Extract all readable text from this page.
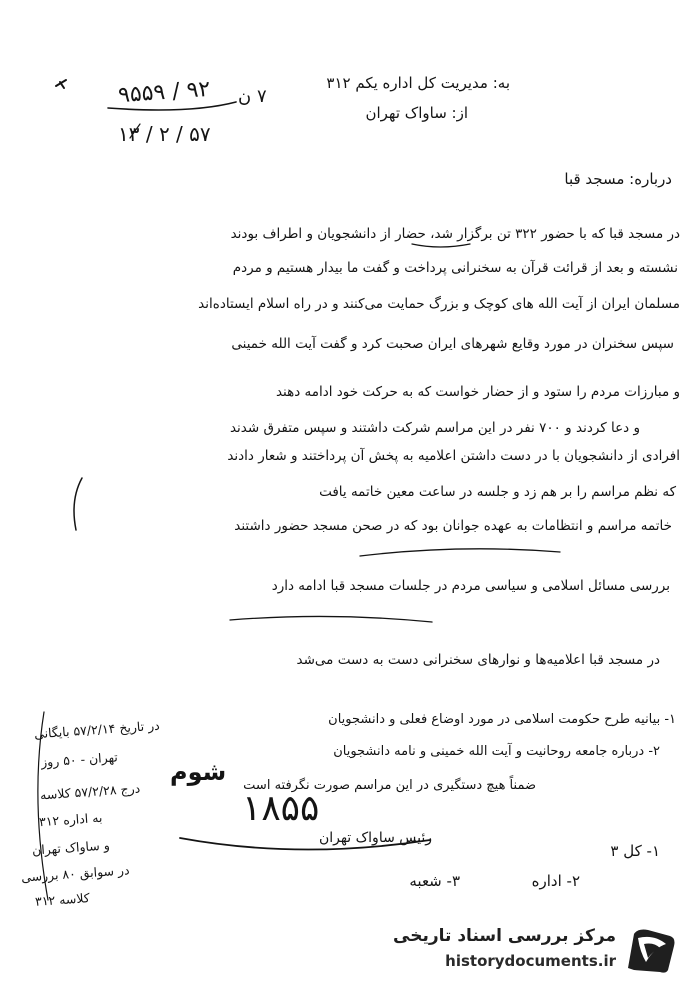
۹۵۵۹ / ۹۲ ۷ ن
۱۳ / ۲ / ۵۷
به: مدیریت کل اداره یکم ۳۱۲
از: ساواک تهران
درباره: مسجد قبا
در مسجد قبا که با حضور ۳۲۲ تن برگزار شد، حضار از دانشجویان و اطراف بودند
نشسته و بعد از قرائت قرآن به سخنرانی پرداخت و گفت ما بیدار هستیم و مردم
مسلمان ایران از آیت الله های کوچک و بزرگ حمایت می‌کنند و در راه اسلام ایستاده‌اند
سپس سخنران در مورد وقایع شهرهای ایران صحبت کرد و گفت آیت الله خمینی
و مبارزات مردم را ستود و از حضار خواست که به حرکت خود ادامه دهند
و دعا کردند و ۷۰۰ نفر در این مراسم شرکت داشتند و سپس متفرق شدند
افرادی از دانشجویان با در دست داشتن اعلامیه به پخش آن پرداختند و شعار دادند
که نظم مراسم را بر هم زد و جلسه در ساعت معین خاتمه یافت
خاتمه مراسم و انتظامات به عهده جوانان بود که در صحن مسجد حضور داشتند
بررسی مسائل اسلامی و سیاسی مردم در جلسات مسجد قبا ادامه دارد
در مسجد قبا اعلامیه‌ها و نوارهای سخنرانی دست به دست می‌شد
۱- بیانیه طرح حکومت اسلامی در مورد اوضاع فعلی و دانشجویان
۲- درباره جامعه روحانیت و آیت الله خمینی و نامه دانشجویان
ضمناً هیچ دستگیری در این مراسم صورت نگرفته است
در تاریخ ۵۷/۲/۱۴ بایگانی
تهران - ۵۰ روز
درج ۵۷/۲/۲۸ کلاسه
به اداره ۳۱۲
و ساواک تهران
در سوابق ۸۰ بررسی
کلاسه ۳۱۲
شوم
۱۸۵۵
رئیس ساواک تهران
۱- کل ۳
۲- اداره
۳- شعبه
مرکز بررسی اسناد تاریخی
historydocuments.ir
